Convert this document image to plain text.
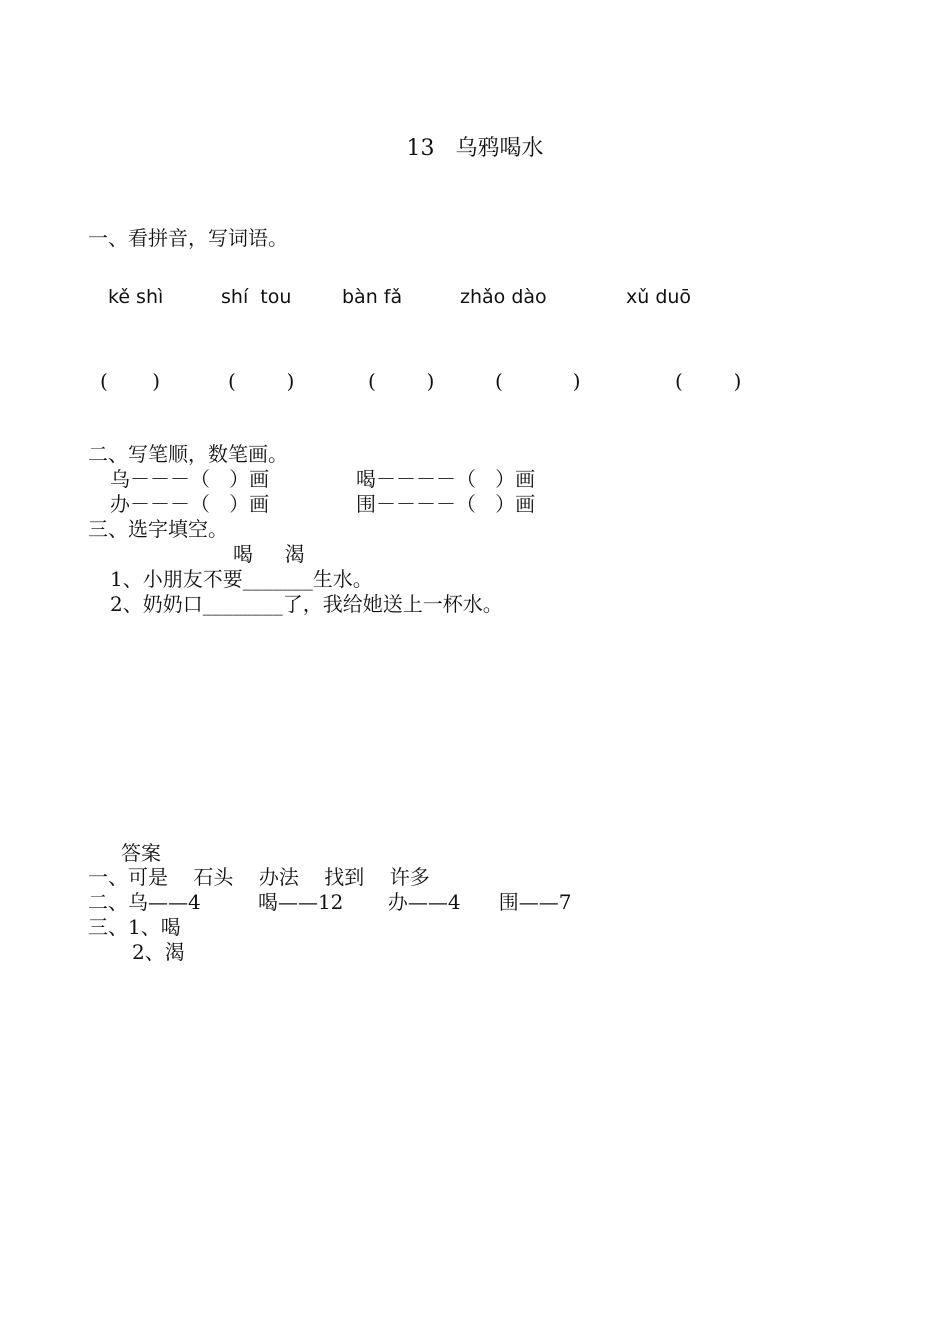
13   乌鸦喝水
一、看拼音，写词语。
kě shì	shí  tou	bàn fǎ	zhǎo dào	xǔ duō
(       )	(        )	(        )	(           )	(        )
二、写笔顺，数笔画。
乌－－－（   ）画	喝－－－－（   ）画
办－－－（   ）画	围－－－－（   ）画
三、选字填空。
喝     渴
1、小朋友不要_______生水。
2、奶奶口________了，我给她送上一杯水。
答案
一、可是    石头    办法    找到    许多
二、乌——4         喝——12       办——4      围——7
三、1、喝
2、渴
